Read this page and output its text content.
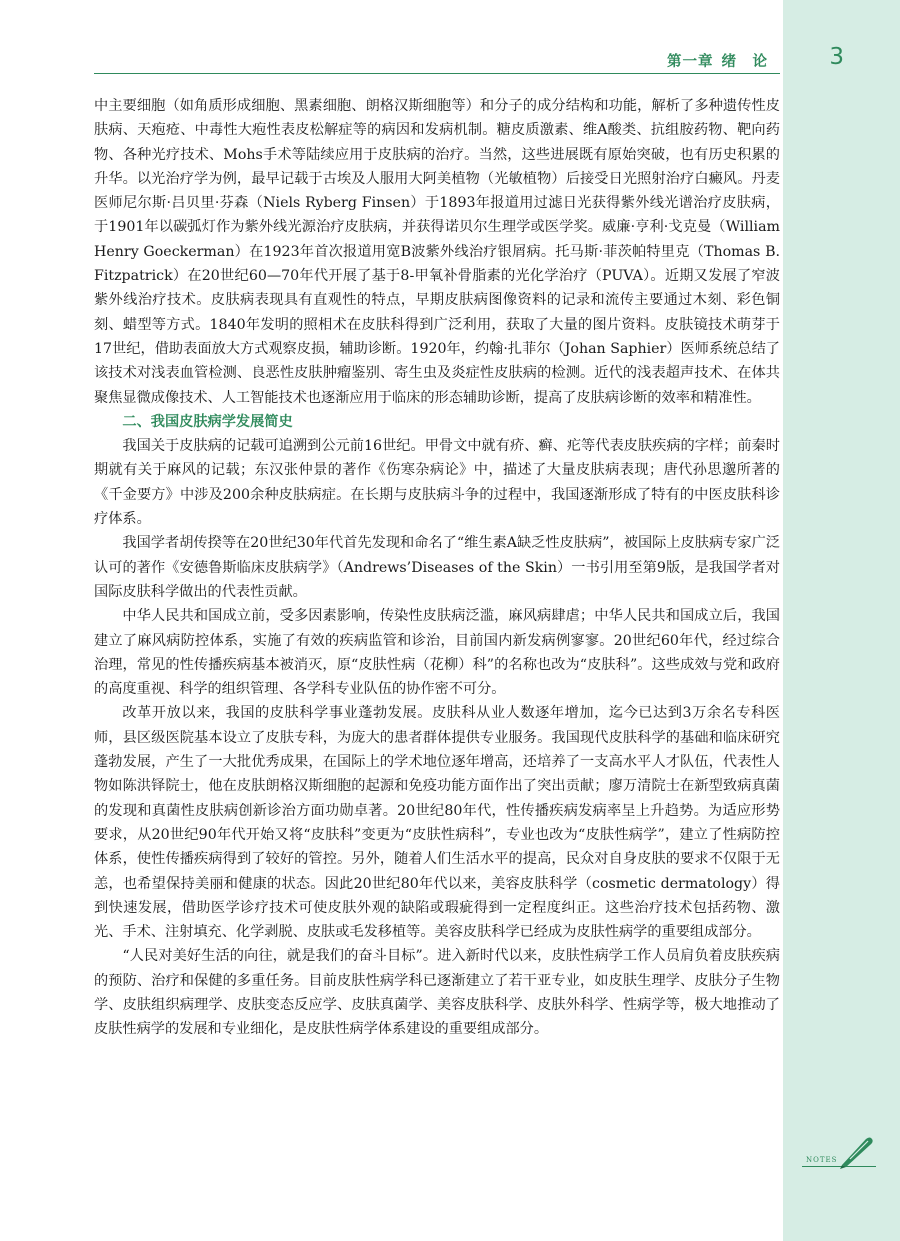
第一章 绪　论	3

中主要细胞（如角质形成细胞、黑素细胞、朗格汉斯细胞等）和分子的成分结构和功能，解析了多种遗传性皮肤病、天疱疮、中毒性大疱性表皮松解症等的病因和发病机制。糖皮质激素、维A酸类、抗组胺药物、靶向药物、各种光疗技术、Mohs手术等陆续应用于皮肤病的治疗。当然，这些进展既有原始突破，也有历史积累的升华。以光治疗学为例，最早记载于古埃及人服用大阿美植物（光敏植物）后接受日光照射治疗白癜风。丹麦医师尼尔斯·吕贝里·芬森（Niels Ryberg Finsen）于1893年报道用过滤日光获得紫外线光谱治疗皮肤病，于1901年以碳弧灯作为紫外线光源治疗皮肤病，并获得诺贝尔生理学或医学奖。威廉·亨利·戈克曼（William Henry Goeckerman）在1923年首次报道用宽B波紫外线治疗银屑病。托马斯·菲茨帕特里克（Thomas B. Fitzpatrick）在20世纪60—70年代开展了基于8-甲氧补骨脂素的光化学治疗（PUVA）。近期又发展了窄波紫外线治疗技术。皮肤病表现具有直观性的特点，早期皮肤病图像资料的记录和流传主要通过木刻、彩色铜刻、蜡型等方式。1840年发明的照相术在皮肤科得到广泛利用，获取了大量的图片资料。皮肤镜技术萌芽于17世纪，借助表面放大方式观察皮损，辅助诊断。1920年，约翰·扎菲尔（Johan Saphier）医师系统总结了该技术对浅表血管检测、良恶性皮肤肿瘤鉴别、寄生虫及炎症性皮肤病的检测。近代的浅表超声技术、在体共聚焦显微成像技术、人工智能技术也逐渐应用于临床的形态辅助诊断，提高了皮肤病诊断的效率和精准性。

二、我国皮肤病学发展简史

我国关于皮肤病的记载可追溯到公元前16世纪。甲骨文中就有疥、癣、疕等代表皮肤疾病的字样；前秦时期就有关于麻风的记载；东汉张仲景的著作《伤寒杂病论》中，描述了大量皮肤病表现；唐代孙思邈所著的《千金要方》中涉及200余种皮肤病症。在长期与皮肤病斗争的过程中，我国逐渐形成了特有的中医皮肤科诊疗体系。

我国学者胡传揆等在20世纪30年代首先发现和命名了“维生素A缺乏性皮肤病”，被国际上皮肤病专家广泛认可的著作《安德鲁斯临床皮肤病学》（Andrews’Diseases of the Skin）一书引用至第9版，是我国学者对国际皮肤科学做出的代表性贡献。

中华人民共和国成立前，受多因素影响，传染性皮肤病泛滥，麻风病肆虐；中华人民共和国成立后，我国建立了麻风病防控体系，实施了有效的疾病监管和诊治，目前国内新发病例寥寥。20世纪60年代，经过综合治理，常见的性传播疾病基本被消灭，原“皮肤性病（花柳）科”的名称也改为“皮肤科”。这些成效与党和政府的高度重视、科学的组织管理、各学科专业队伍的协作密不可分。

改革开放以来，我国的皮肤科学事业蓬勃发展。皮肤科从业人数逐年增加，迄今已达到3万余名专科医师，县区级医院基本设立了皮肤专科，为庞大的患者群体提供专业服务。我国现代皮肤科学的基础和临床研究蓬勃发展，产生了一大批优秀成果，在国际上的学术地位逐年增高，还培养了一支高水平人才队伍，代表性人物如陈洪铎院士，他在皮肤朗格汉斯细胞的起源和免疫功能方面作出了突出贡献；廖万清院士在新型致病真菌的发现和真菌性皮肤病创新诊治方面功勋卓著。20世纪80年代，性传播疾病发病率呈上升趋势。为适应形势要求，从20世纪90年代开始又将“皮肤科”变更为“皮肤性病科”，专业也改为“皮肤性病学”，建立了性病防控体系，使性传播疾病得到了较好的管控。另外，随着人们生活水平的提高，民众对自身皮肤的要求不仅限于无恙，也希望保持美丽和健康的状态。因此20世纪80年代以来，美容皮肤科学（cosmetic dermatology）得到快速发展，借助医学诊疗技术可使皮肤外观的缺陷或瑕疵得到一定程度纠正。这些治疗技术包括药物、激光、手术、注射填充、化学剥脱、皮肤或毛发移植等。美容皮肤科学已经成为皮肤性病学的重要组成部分。

“人民对美好生活的向往，就是我们的奋斗目标”。进入新时代以来，皮肤性病学工作人员肩负着皮肤疾病的预防、治疗和保健的多重任务。目前皮肤性病学科已逐渐建立了若干亚专业，如皮肤生理学、皮肤分子生物学、皮肤组织病理学、皮肤变态反应学、皮肤真菌学、美容皮肤科学、皮肤外科学、性病学等，极大地推动了皮肤性病学的发展和专业细化，是皮肤性病学体系建设的重要组成部分。

NOTES
